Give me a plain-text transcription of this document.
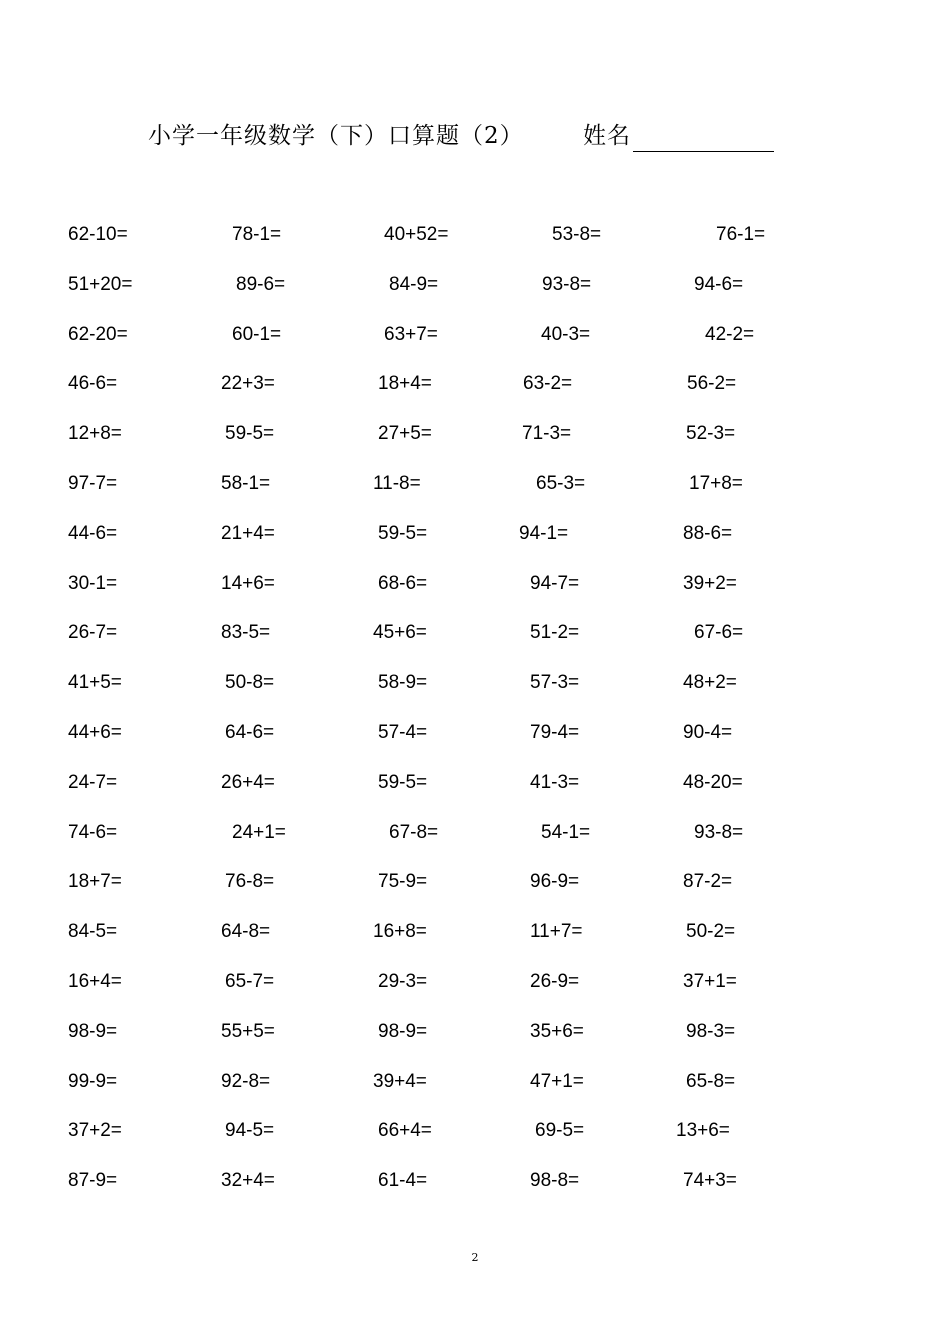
小学一年级数学（下）口算题（2）	姓名
62-10=	78-1=	40+52=	53-8=	76-1=
51+20=	89-6=	84-9=	93-8=	94-6=
62-20=	60-1=	63+7=	40-3=	42-2=
46-6=	22+3=	18+4=	63-2=	56-2=
12+8=	59-5=	27+5=	71-3=	52-3=
97-7=	58-1=	11-8=	65-3=	17+8=
44-6=	21+4=	59-5=	94-1=	88-6=
30-1=	14+6=	68-6=	94-7=	39+2=
26-7=	83-5=	45+6=	51-2=	67-6=
41+5=	50-8=	58-9=	57-3=	48+2=
44+6=	64-6=	57-4=	79-4=	90-4=
24-7=	26+4=	59-5=	41-3=	48-20=
74-6=	24+1=	67-8=	54-1=	93-8=
18+7=	76-8=	75-9=	96-9=	87-2=
84-5=	64-8=	16+8=	11+7=	50-2=
16+4=	65-7=	29-3=	26-9=	37+1=
98-9=	55+5=	98-9=	35+6=	98-3=
99-9=	92-8=	39+4=	47+1=	65-8=
37+2=	94-5=	66+4=	69-5=	13+6=
87-9=	32+4=	61-4=	98-8=	74+3=
2
